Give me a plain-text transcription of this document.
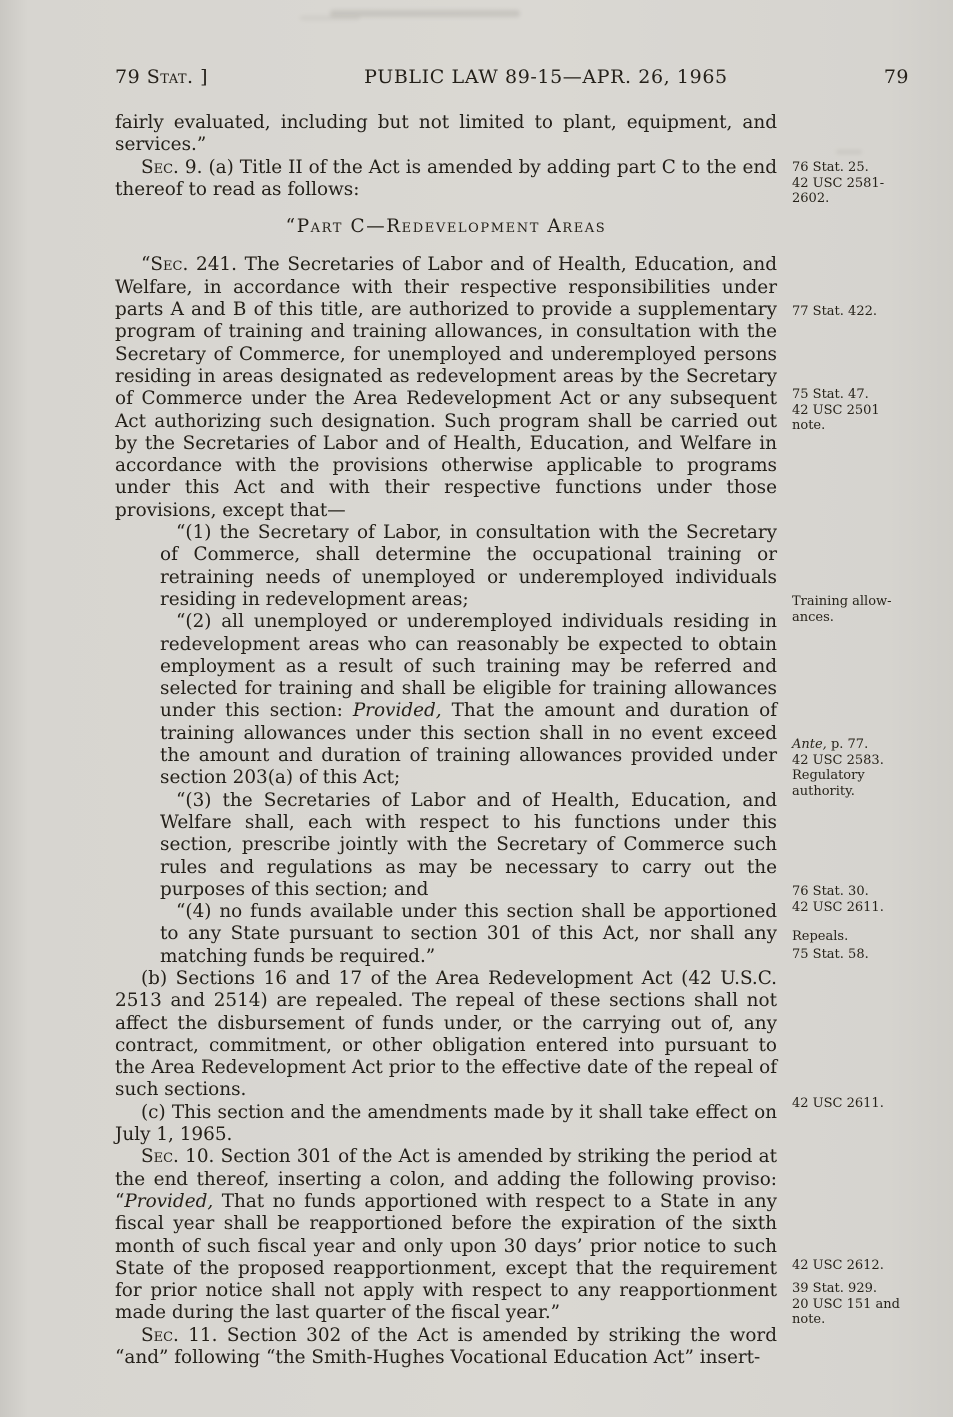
79 Stat. ]	PUBLIC LAW 89-15—APR. 26, 1965	79

fairly evaluated, including but not limited to plant, equipment, and services.”

Sec. 9. (a) Title II of the Act is amended by adding part C to the end thereof to read as follows:

“Part C—Redevelopment Areas

“Sec. 241. The Secretaries of Labor and of Health, Education, and Welfare, in accordance with their respective responsibilities under parts A and B of this title, are authorized to provide a supplementary program of training and training allowances, in consultation with the Secretary of Commerce, for unemployed and underemployed persons residing in areas designated as redevelopment areas by the Secretary of Commerce under the Area Redevelopment Act or any subsequent Act authorizing such designation. Such program shall be carried out by the Secretaries of Labor and of Health, Education, and Welfare in accordance with the provisions otherwise applicable to programs under this Act and with their respective functions under those provisions, except that—

“(1) the Secretary of Labor, in consultation with the Secretary of Commerce, shall determine the occupational training or retraining needs of unemployed or underemployed individuals residing in redevelopment areas;

“(2) all unemployed or underemployed individuals residing in redevelopment areas who can reasonably be expected to obtain employment as a result of such training may be referred and selected for training and shall be eligible for training allowances under this section: Provided, That the amount and duration of training allowances under this section shall in no event exceed the amount and duration of training allowances provided under section 203(a) of this Act;

“(3) the Secretaries of Labor and of Health, Education, and Welfare shall, each with respect to his functions under this section, prescribe jointly with the Secretary of Commerce such rules and regulations as may be necessary to carry out the purposes of this section; and

“(4) no funds available under this section shall be apportioned to any State pursuant to section 301 of this Act, nor shall any matching funds be required.”

(b) Sections 16 and 17 of the Area Redevelopment Act (42 U.S.C. 2513 and 2514) are repealed. The repeal of these sections shall not affect the disbursement of funds under, or the carrying out of, any contract, commitment, or other obligation entered into pursuant to the Area Redevelopment Act prior to the effective date of the repeal of such sections.

(c) This section and the amendments made by it shall take effect on July 1, 1965.

Sec. 10. Section 301 of the Act is amended by striking the period at the end thereof, inserting a colon, and adding the following proviso: “Provided, That no funds apportioned with respect to a State in any fiscal year shall be reapportioned before the expiration of the sixth month of such fiscal year and only upon 30 days’ prior notice to such State of the proposed reapportionment, except that the requirement for prior notice shall not apply with respect to any reapportionment made during the last quarter of the fiscal year.”

Sec. 11. Section 302 of the Act is amended by striking the word “and” following “the Smith-Hughes Vocational Education Act” insert-

76 Stat. 25.
42 USC 2581-
2602.
77 Stat. 422.
75 Stat. 47.
42 USC 2501
note.
Training allow-
ances.
Ante, p. 77.
42 USC 2583.
Regulatory
authority.
76 Stat. 30.
42 USC 2611.
Repeals.
75 Stat. 58.
42 USC 2611.
42 USC 2612.
39 Stat. 929.
20 USC 151 and
note.
